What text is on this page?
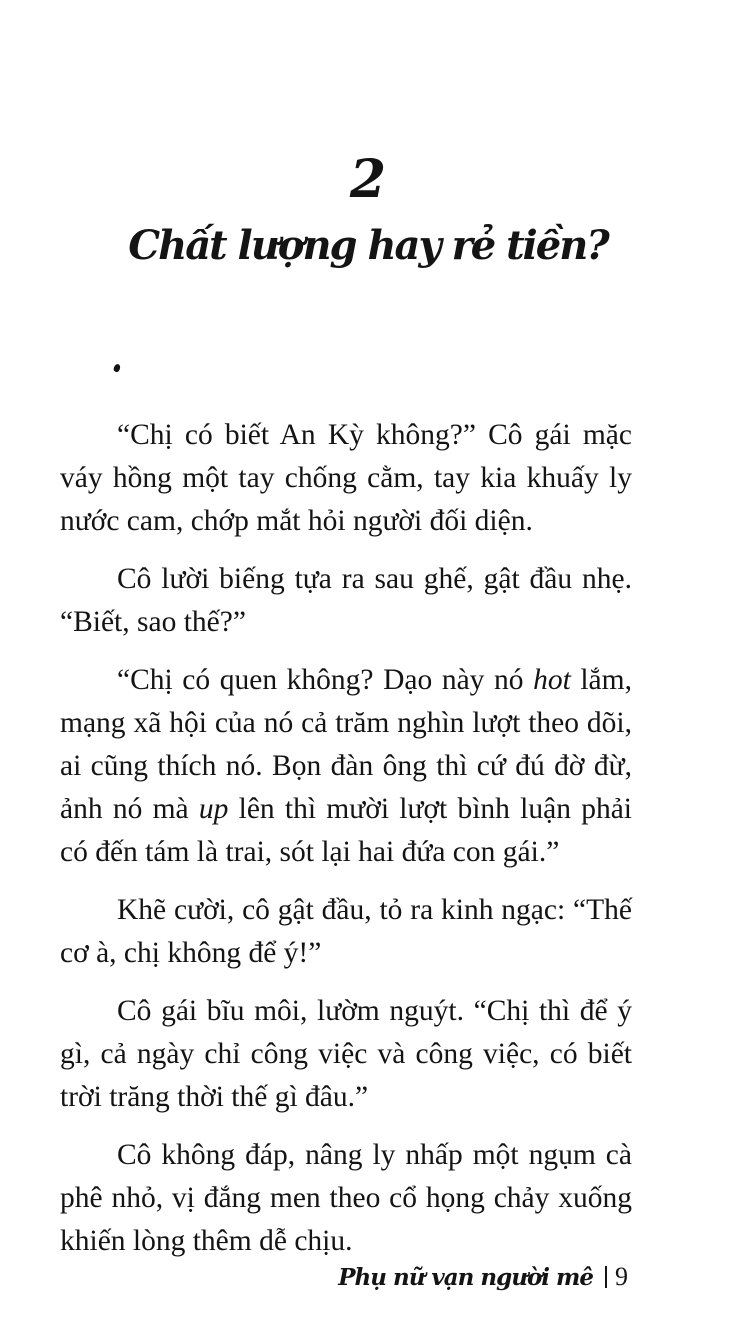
2
Chất lượng hay rẻ tiền?

“Chị có biết An Kỳ không?” Cô gái mặc váy hồng một tay chống cằm, tay kia khuấy ly nước cam, chớp mắt hỏi người đối diện.

Cô lười biếng tựa ra sau ghế, gật đầu nhẹ. “Biết, sao thế?”

“Chị có quen không? Dạo này nó hot lắm, mạng xã hội của nó cả trăm nghìn lượt theo dõi, ai cũng thích nó. Bọn đàn ông thì cứ đú đờ đừ, ảnh nó mà up lên thì mười lượt bình luận phải có đến tám là trai, sót lại hai đứa con gái.”

Khẽ cười, cô gật đầu, tỏ ra kinh ngạc: “Thế cơ à, chị không để ý!”

Cô gái bĩu môi, lườm nguýt. “Chị thì để ý gì, cả ngày chỉ công việc và công việc, có biết trời trăng thời thế gì đâu.”

Cô không đáp, nâng ly nhấp một ngụm cà phê nhỏ, vị đắng men theo cổ họng chảy xuống khiến lòng thêm dễ chịu.

Phụ nữ vạn người mê 9
